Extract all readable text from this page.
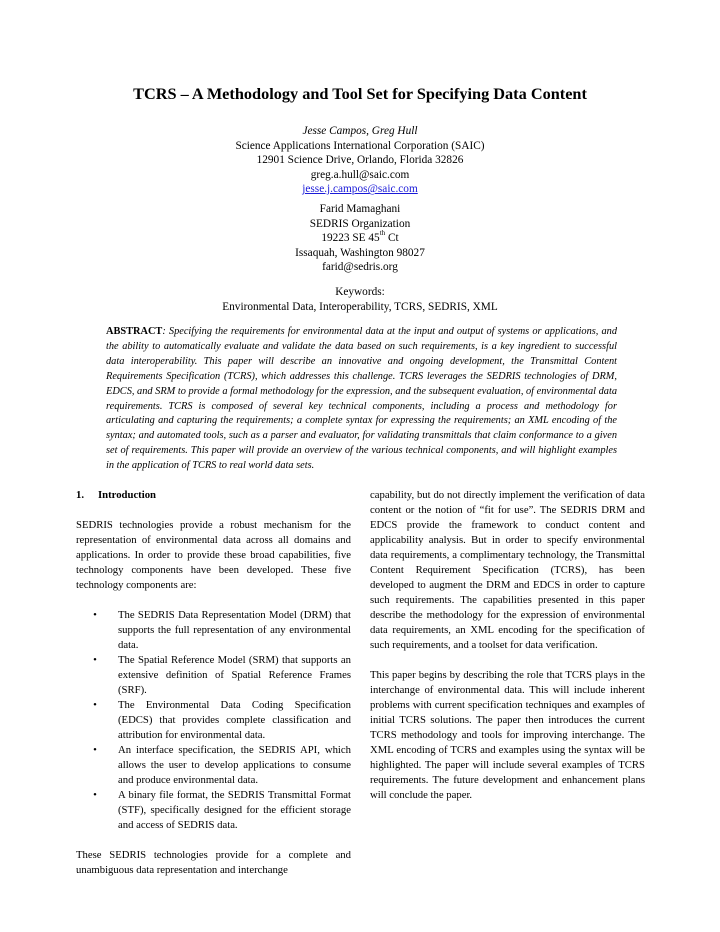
TCRS – A Methodology and Tool Set for Specifying Data Content
Jesse Campos, Greg Hull
Science Applications International Corporation (SAIC)
12901 Science Drive, Orlando, Florida 32826
greg.a.hull@saic.com
jesse.j.campos@saic.com
Farid Mamaghani
SEDRIS Organization
19223 SE 45th Ct
Issaquah, Washington 98027
farid@sedris.org
Keywords:
Environmental Data, Interoperability, TCRS, SEDRIS, XML
ABSTRACT: Specifying the requirements for environmental data at the input and output of systems or applications, and the ability to automatically evaluate and validate the data based on such requirements, is a key ingredient to successful data interoperability. This paper will describe an innovative and ongoing development, the Transmittal Content Requirements Specification (TCRS), which addresses this challenge. TCRS leverages the SEDRIS technologies of DRM, EDCS, and SRM to provide a formal methodology for the expression, and the subsequent evaluation, of environmental data requirements. TCRS is composed of several key technical components, including a process and methodology for articulating and capturing the requirements; a complete syntax for expressing the requirements; an XML encoding of the syntax; and automated tools, such as a parser and evaluator, for validating transmittals that claim conformance to a given set of requirements. This paper will provide an overview of the various technical components, and will highlight examples in the application of TCRS to real world data sets.
1. Introduction

SEDRIS technologies provide a robust mechanism for the representation of environmental data across all domains and applications. In order to provide these broad capabilities, five technology components have been developed. These five technology components are:

•	The SEDRIS Data Representation Model (DRM) that supports the full representation of any environmental data.
•	The Spatial Reference Model (SRM) that supports an extensive definition of Spatial Reference Frames (SRF).
•	The Environmental Data Coding Specification (EDCS) that provides complete classification and attribution for environmental data.
•	An interface specification, the SEDRIS API, which allows the user to develop applications to consume and produce environmental data.
•	A binary file format, the SEDRIS Transmittal Format (STF), specifically designed for the efficient storage and access of SEDRIS data.

These SEDRIS technologies provide for a complete and unambiguous data representation and interchange

capability, but do not directly implement the verification of data content or the notion of “fit for use”. The SEDRIS DRM and EDCS provide the framework to conduct content and applicability analysis. But in order to specify environmental data requirements, a complimentary technology, the Transmittal Content Requirement Specification (TCRS), has been developed to augment the DRM and EDCS in order to capture such requirements. The capabilities presented in this paper describe the methodology for the expression of environmental data requirements, an XML encoding for the specification of such requirements, and a toolset for data verification.

This paper begins by describing the role that TCRS plays in the interchange of environmental data. This will include inherent problems with current specification techniques and examples of initial TCRS solutions. The paper then introduces the current TCRS methodology and tools for improving interchange. The XML encoding of TCRS and examples using the syntax will be highlighted. The paper will include several examples of TCRS requirements. The future development and enhancement plans will conclude the paper.
